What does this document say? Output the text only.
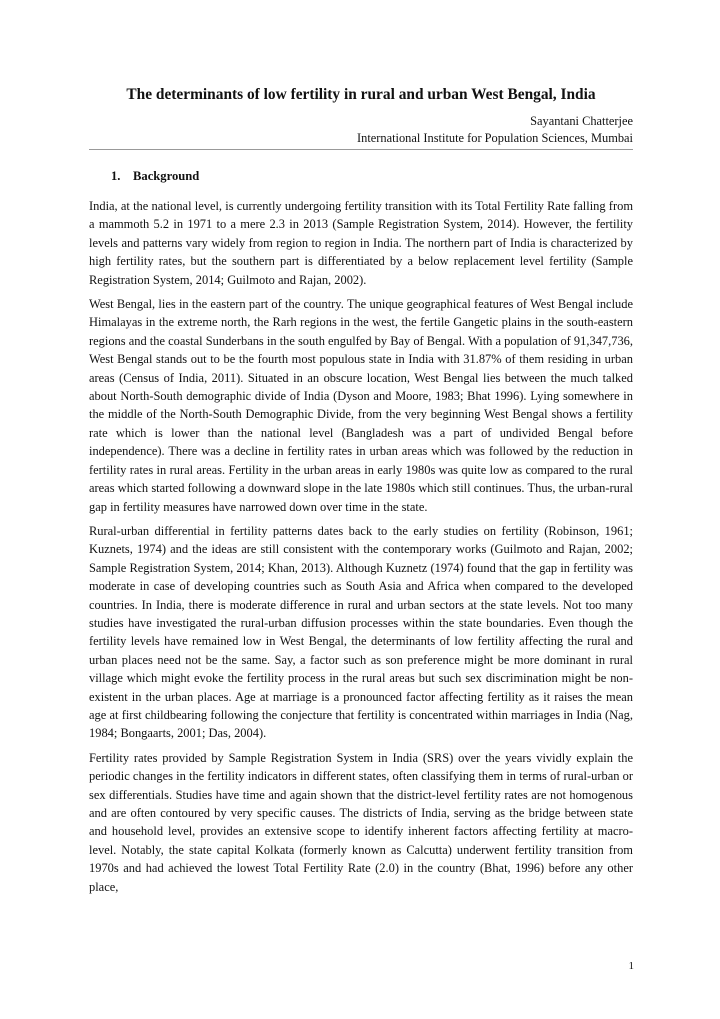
The determinants of low fertility in rural and urban West Bengal, India
Sayantani Chatterjee
International Institute for Population Sciences, Mumbai
1. Background

India, at the national level, is currently undergoing fertility transition with its Total Fertility Rate falling from a mammoth 5.2 in 1971 to a mere 2.3 in 2013 (Sample Registration System, 2014). However, the fertility levels and patterns vary widely from region to region in India. The northern part of India is characterized by high fertility rates, but the southern part is differentiated by a below replacement level fertility (Sample Registration System, 2014; Guilmoto and Rajan, 2002).

West Bengal, lies in the eastern part of the country. The unique geographical features of West Bengal include Himalayas in the extreme north, the Rarh regions in the west, the fertile Gangetic plains in the south-eastern regions and the coastal Sunderbans in the south engulfed by Bay of Bengal. With a population of 91,347,736, West Bengal stands out to be the fourth most populous state in India with 31.87% of them residing in urban areas (Census of India, 2011). Situated in an obscure location, West Bengal lies between the much talked about North-South demographic divide of India (Dyson and Moore, 1983; Bhat 1996). Lying somewhere in the middle of the North-South Demographic Divide, from the very beginning West Bengal shows a fertility rate which is lower than the national level (Bangladesh was a part of undivided Bengal before independence). There was a decline in fertility rates in urban areas which was followed by the reduction in fertility rates in rural areas. Fertility in the urban areas in early 1980s was quite low as compared to the rural areas which started following a downward slope in the late 1980s which still continues. Thus, the urban-rural gap in fertility measures have narrowed down over time in the state.

Rural-urban differential in fertility patterns dates back to the early studies on fertility (Robinson, 1961; Kuznets, 1974) and the ideas are still consistent with the contemporary works (Guilmoto and Rajan, 2002; Sample Registration System, 2014; Khan, 2013). Although Kuznetz (1974) found that the gap in fertility was moderate in case of developing countries such as South Asia and Africa when compared to the developed countries. In India, there is moderate difference in rural and urban sectors at the state levels. Not too many studies have investigated the rural-urban diffusion processes within the state boundaries. Even though the fertility levels have remained low in West Bengal, the determinants of low fertility affecting the rural and urban places need not be the same. Say, a factor such as son preference might be more dominant in rural village which might evoke the fertility process in the rural areas but such sex discrimination might be non-existent in the urban places. Age at marriage is a pronounced factor affecting fertility as it raises the mean age at first childbearing following the conjecture that fertility is concentrated within marriages in India (Nag, 1984; Bongaarts, 2001; Das, 2004).

Fertility rates provided by Sample Registration System in India (SRS) over the years vividly explain the periodic changes in the fertility indicators in different states, often classifying them in terms of rural-urban or sex differentials. Studies have time and again shown that the district-level fertility rates are not homogenous and are often contoured by very specific causes. The districts of India, serving as the bridge between state and household level, provides an extensive scope to identify inherent factors affecting fertility at macro-level. Notably, the state capital Kolkata (formerly known as Calcutta) underwent fertility transition from 1970s and had achieved the lowest Total Fertility Rate (2.0) in the country (Bhat, 1996) before any other place,

1
